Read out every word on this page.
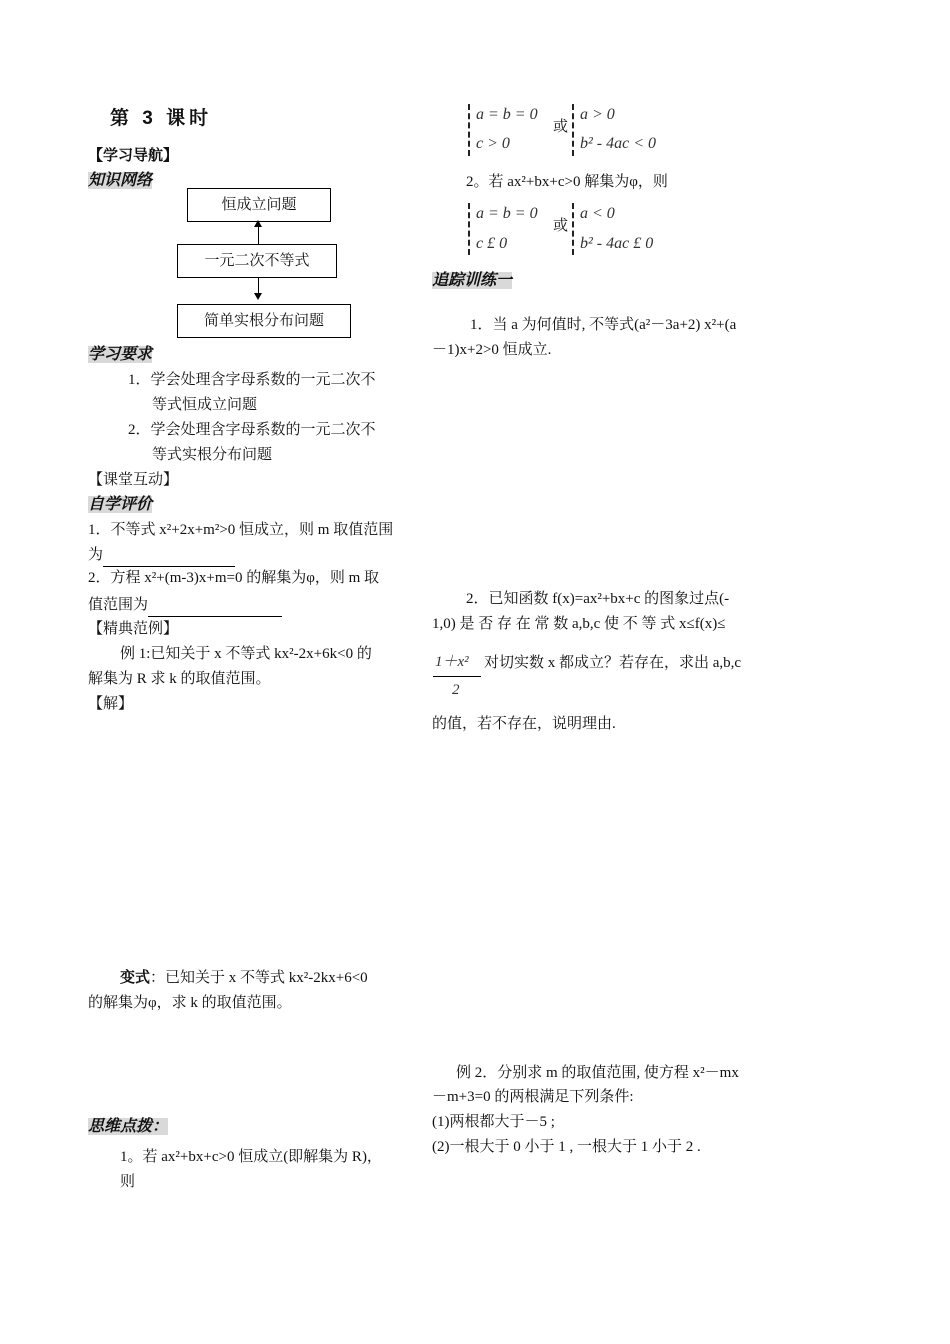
第 3 课时
【学习导航】
知识网络
恒成立问题
一元二次不等式
简单实根分布问题
学习要求
1．学会处理含字母系数的一元二次不
等式恒成立问题
2．学会处理含字母系数的一元二次不
等式实根分布问题
【课堂互动】
自学评价
1．不等式 x²+2x+m²>0 恒成立，则 m 取值范围
为
2．方程 x²+(m-3)x+m=0 的解集为φ，则 m 取
值范围为
【精典范例】
例 1:已知关于 x 不等式 kx²-2x+6k<0 的
解集为 R 求 k 的取值范围。
【解】
变式：已知关于 x 不等式 kx²-2kx+6<0
的解集为φ，求 k 的取值范围。
思维点拨：
1。若 ax²+bx+c>0 恒成立(即解集为 R)，
则
a = b = 0
c > 0
或
a > 0
b² - 4ac < 0
2。若 ax²+bx+c>0 解集为φ，则
a = b = 0
c £ 0
或
a < 0
b² - 4ac £ 0
追踪训练一
1．当 a 为何值时, 不等式(a²－3a+2) x²+(a
－1)x+2>0 恒成立.
2．已知函数 f(x)=ax²+bx+c 的图象过点(-
1,0) 是 否 存 在 常 数 a,b,c 使 不 等 式 x≤f(x)≤
1＋x²
2
对切实数 x 都成立？若存在，求出 a,b,c
的值，若不存在，说明理由.
例 2．分别求 m 的取值范围, 使方程 x²－mx
－m+3=0 的两根满足下列条件:
(1)两根都大于－5 ;
(2)一根大于 0 小于 1 , 一根大于 1 小于 2 .
